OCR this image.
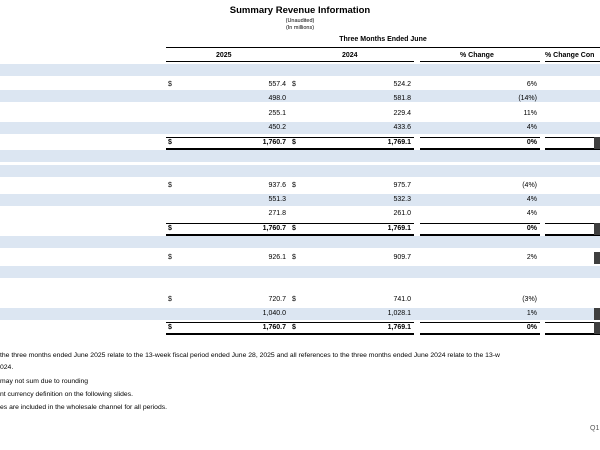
Summary Revenue Information
(Unaudited)
(In millions)
Three Months Ended June
2025	2024	% Change	% Change Con
$	557.4 $	524.2	6%
498.0	581.8	(14%)
255.1	229.4	11%
450.2	433.6	4%
$	1,760.7 $	1,769.1	0%
$	937.6 $	975.7	(4%)
551.3	532.3	4%
271.8	261.0	4%
$	1,760.7 $	1,769.1	0%
$	926.1 $	909.7	2%
$	720.7 $	741.0	(3%)
1,040.0	1,028.1	1%
$	1,760.7 $	1,769.1	0%
the three months ended June 2025 relate to the 13-week fiscal period ended June 28, 2025 and all references to the three months ended June 2024 relate to the 13-w
024.
may not sum due to rounding
nt currency definition on the following slides.
es are included in the wholesale channel for all periods.
Q1
